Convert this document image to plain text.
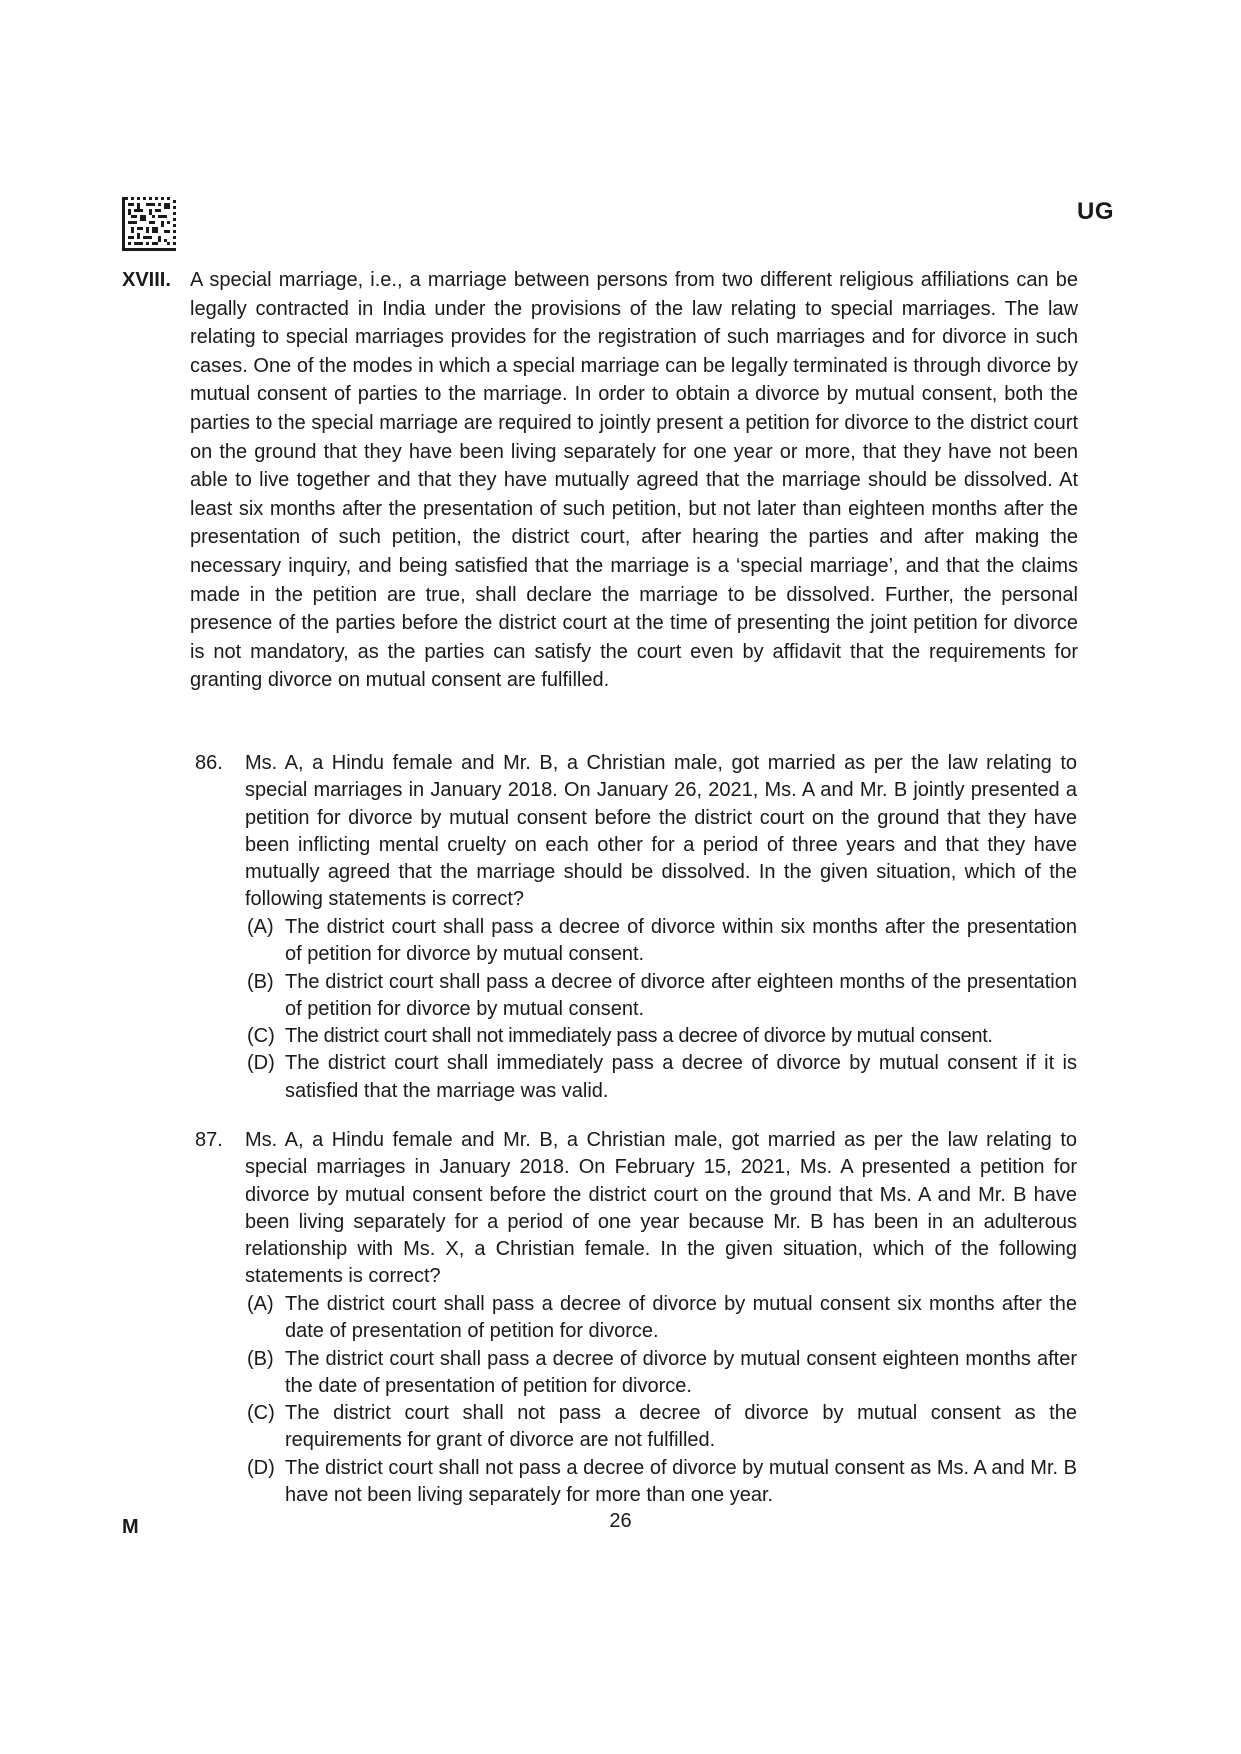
UG
XVIII. A special marriage, i.e., a marriage between persons from two different religious affiliations can be legally contracted in India under the provisions of the law relating to special marriages. The law relating to special marriages provides for the registration of such marriages and for divorce in such cases. One of the modes in which a special marriage can be legally terminated is through divorce by mutual consent of parties to the marriage. In order to obtain a divorce by mutual consent, both the parties to the special marriage are required to jointly present a petition for divorce to the district court on the ground that they have been living separately for one year or more, that they have not been able to live together and that they have mutually agreed that the marriage should be dissolved. At least six months after the presentation of such petition, but not later than eighteen months after the presentation of such petition, the district court, after hearing the parties and after making the necessary inquiry, and being satisfied that the marriage is a ‘special marriage’, and that the claims made in the petition are true, shall declare the marriage to be dissolved. Further, the personal presence of the parties before the district court at the time of presenting the joint petition for divorce is not mandatory, as the parties can satisfy the court even by affidavit that the requirements for granting divorce on mutual consent are fulfilled.

86. Ms. A, a Hindu female and Mr. B, a Christian male, got married as per the law relating to special marriages in January 2018. On January 26, 2021, Ms. A and Mr. B jointly presented a petition for divorce by mutual consent before the district court on the ground that they have been inflicting mental cruelty on each other for a period of three years and that they have mutually agreed that the marriage should be dissolved. In the given situation, which of the following statements is correct?

(A) The district court shall pass a decree of divorce within six months after the presentation of petition for divorce by mutual consent.
(B) The district court shall pass a decree of divorce after eighteen months of the presentation of petition for divorce by mutual consent.
(C) The district court shall not immediately pass a decree of divorce by mutual consent.
(D) The district court shall immediately pass a decree of divorce by mutual consent if it is satisfied that the marriage was valid.
87. Ms. A, a Hindu female and Mr. B, a Christian male, got married as per the law relating to special marriages in January 2018. On February 15, 2021, Ms. A presented a petition for divorce by mutual consent before the district court on the ground that Ms. A and Mr. B have been living separately for a period of one year because Mr. B has been in an adulterous relationship with Ms. X, a Christian female. In the given situation, which of the following statements is correct?

(A) The district court shall pass a decree of divorce by mutual consent six months after the date of presentation of petition for divorce.
(B) The district court shall pass a decree of divorce by mutual consent eighteen months after the date of presentation of petition for divorce.
(C) The district court shall not pass a decree of divorce by mutual consent as the requirements for grant of divorce are not fulfilled.
(D) The district court shall not pass a decree of divorce by mutual consent as Ms. A and Mr. B have not been living separately for more than one year.
M	26
